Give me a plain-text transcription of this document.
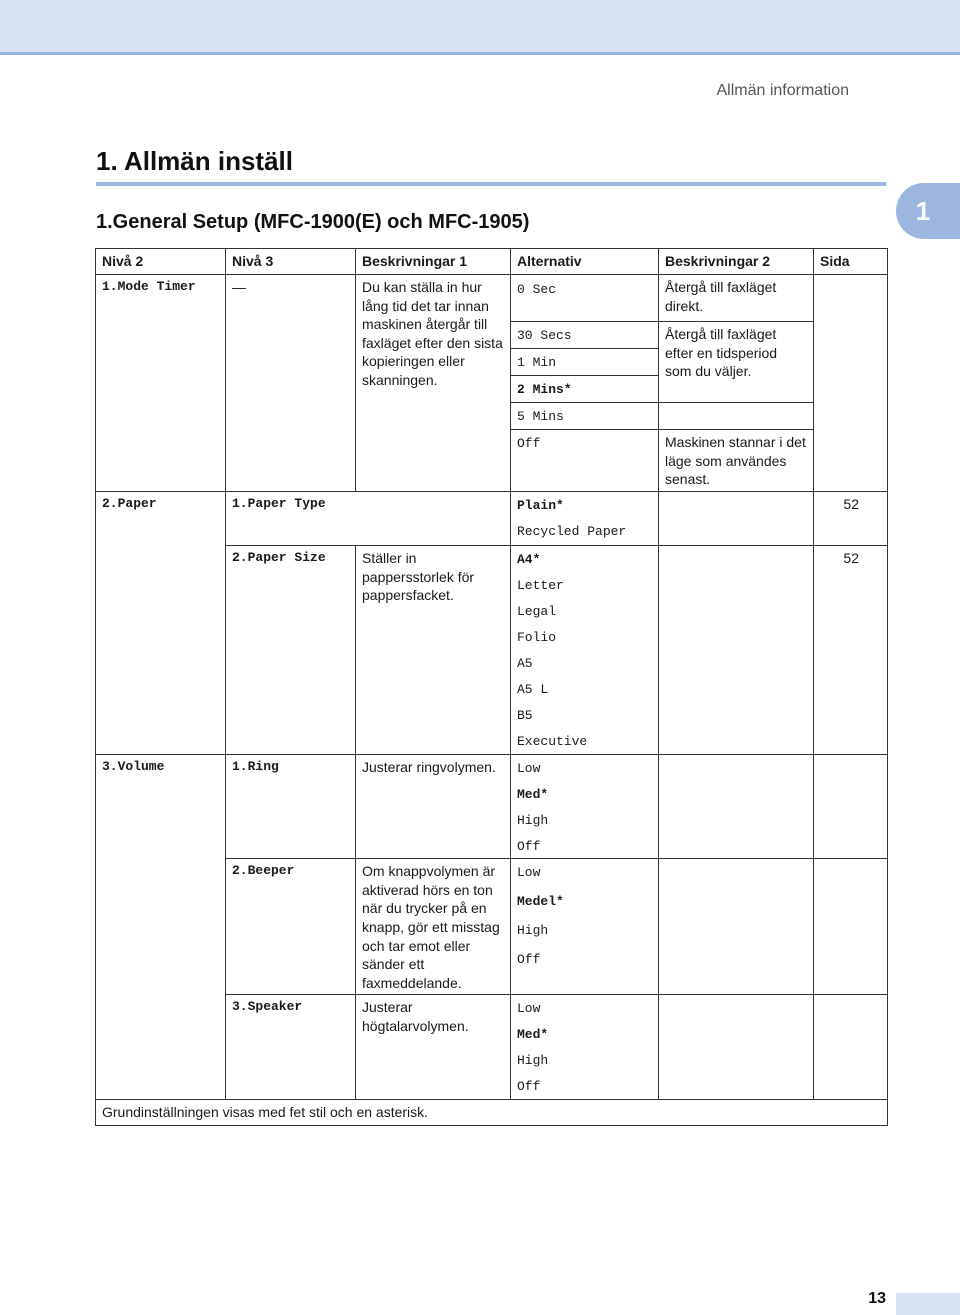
Allmän information
1. Allmän inställ
1
1.General Setup (MFC-1900(E) och MFC-1905)
Nivå 2	Nivå 3	Beskrivningar 1	Alternativ	Beskrivningar 2	Sida
1.Mode Timer	—	Du kan ställa in hur lång tid det tar innan maskinen återgår till faxläget efter den sista kopieringen eller skanningen.	0 Sec	Återgå till faxläget direkt.	
			30 Secs	Återgå till faxläget efter en tidsperiod som du väljer.	
			1 Min		
			2 Mins*		
			5 Mins		
			Off	Maskinen stannar i det läge som användes senast.	
2.Paper	1.Paper Type		Plain*		52
			Recycled Paper		
	2.Paper Size	Ställer in pappersstorlek för pappersfacket.	A4*		52
			Letter		
			Legal		
			Folio		
			A5		
			A5 L		
			B5		
			Executive		
3.Volume	1.Ring	Justerar ringvolymen.	Low		
			Med*		
			High		
			Off		
	2.Beeper	Om knappvolymen är aktiverad hörs en ton när du trycker på en knapp, gör ett misstag och tar emot eller sänder ett faxmeddelande.	Low		
			Medel*		
			High		
			Off		
	3.Speaker	Justerar högtalarvolymen.	Low		
			Med*		
			High		
			Off		
Grundinställningen visas med fet stil och en asterisk.					
13
